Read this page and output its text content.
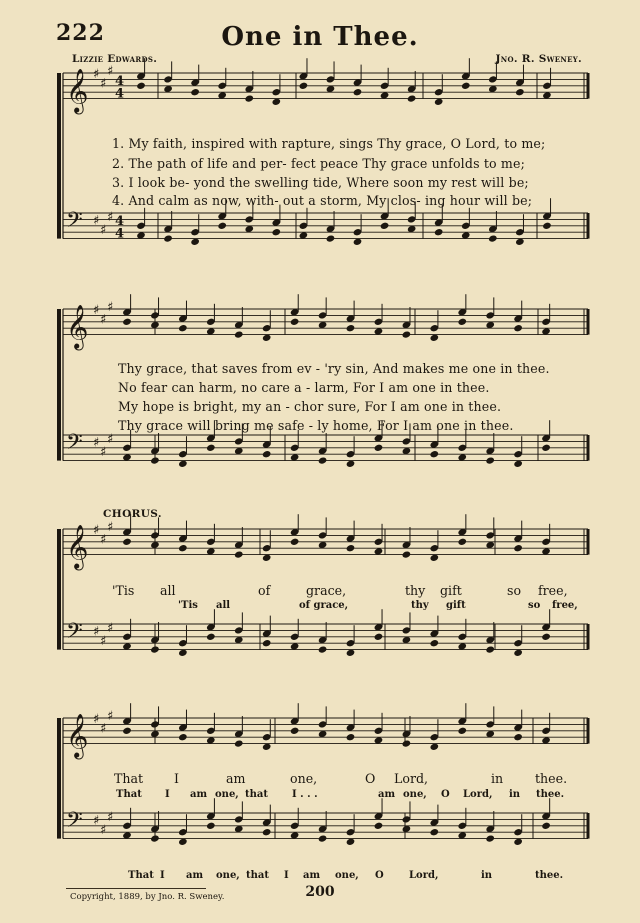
222	One in Thee.
Lizzie Edwards.	Jno. R. Sweney.
𝄞 ♯
♯
♯
4
4
𝄢 ♯
♯
♯ 4
4
𝄞 ♯
♯
♯
𝄢 ♯
♯
♯
𝄞 ♯
♯
♯
𝄢 ♯
♯
♯
𝄞 ♯
♯
♯
𝄢 ♯
♯
♯
1. My faith, inspired with rapture, sings Thy grace, O Lord, to me;
2. The path of life and per- fect peace Thy grace unfolds to me;
3. I look be- yond the swelling tide, Where soon my rest will be;
4. And calm as now, with- out a storm, My clos- ing hour will be;
Thy grace, that saves from ev - 'ry sin, And makes me one in thee.
No fear can harm, no care a - larm, For I am one in thee.
My hope is bright, my an - chor sure, For I am one in thee.
Thy grace will bring me safe - ly home, For I am one in thee.
CHORUS.
'Tis all	of	grace,	thy gift	so free,
'Tis all	of grace,	thy gift	so free,
That I	am	one,	O Lord,	in	thee.
That I am one, that I . . .	am one, O Lord, in thee.
That I am one, that I am one, O	Lord,	in	thee.
Copyright, 1889, by Jno. R. Sweney.	200
